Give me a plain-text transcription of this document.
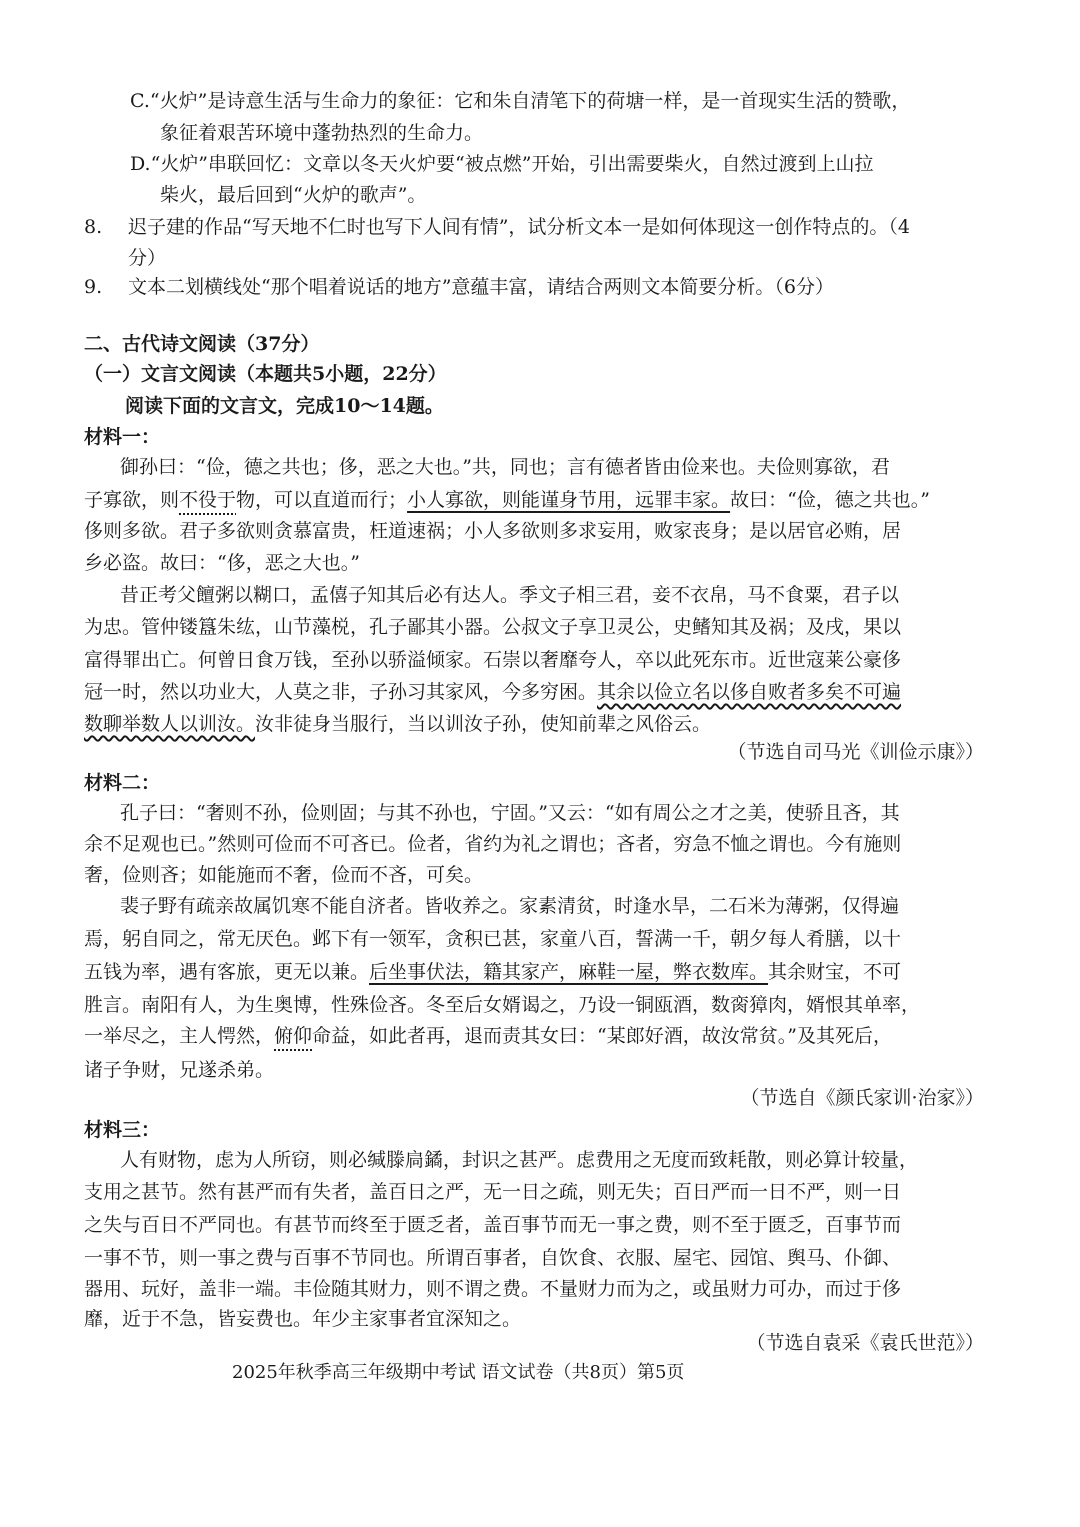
C.“火炉”是诗意生活与生命力的象征：它和朱自清笔下的荷塘一样，是一首现实生活的赞歌，
象征着艰苦环境中蓬勃热烈的生命力。
D.“火炉”串联回忆：文章以冬天火炉要“被点燃”开始，引出需要柴火，自然过渡到上山拉
柴火，最后回到“火炉的歌声”。
8. 迟子建的作品“写天地不仁时也写下人间有情”，试分析文本一是如何体现这一创作特点的。（4
分）
9. 文本二划横线处“那个唱着说话的地方”意蕴丰富，请结合两则文本简要分析。（6分）
二、古代诗文阅读（37分）
（一）文言文阅读（本题共5小题，22分）
阅读下面的文言文，完成10～14题。
材料一：
御孙曰：“俭，德之共也；侈，恶之大也。”共，同也；言有德者皆由俭来也。夫俭则寡欲，君
子寡欲，则不役于物，可以直道而行；小人寡欲，则能谨身节用，远罪丰家。故曰：“俭，德之共也。”
侈则多欲。君子多欲则贪慕富贵，枉道速祸；小人多欲则多求妄用，败家丧身；是以居官必贿，居
乡必盗。故曰：“侈，恶之大也。”
昔正考父饘粥以糊口，孟僖子知其后必有达人。季文子相三君，妾不衣帛，马不食粟，君子以
为忠。管仲镂簋朱纮，山节藻棁，孔子鄙其小器。公叔文子享卫灵公，史鳍知其及祸；及戌，果以
富得罪出亡。何曾日食万钱，至孙以骄溢倾家。石崇以奢靡夸人，卒以此死东市。近世寇莱公豪侈
冠一时，然以功业大，人莫之非，子孙习其家风，今多穷困。其余以俭立名以侈自败者多矣不可遍
数聊举数人以训汝。汝非徒身当服行，当以训汝子孙，使知前辈之风俗云。
（节选自司马光《训俭示康》）
材料二：
孔子曰：“奢则不孙，俭则固；与其不孙也，宁固。”又云：“如有周公之才之美，使骄且吝，其
余不足观也已。”然则可俭而不可吝已。俭者，省约为礼之谓也；吝者，穷急不恤之谓也。今有施则
奢，俭则吝；如能施而不奢，俭而不吝，可矣。
裴子野有疏亲故属饥寒不能自济者。皆收养之。家素清贫，时逢水旱，二石米为薄粥，仅得遍
焉，躬自同之，常无厌色。邺下有一领军，贪积已甚，家童八百，誓满一千，朝夕每人肴膳，以十
五钱为率，遇有客旅，更无以兼。后坐事伏法，籍其家产，麻鞋一屋，弊衣数库。其余财宝，不可
胜言。南阳有人，为生奥博，性殊俭吝。冬至后女婿谒之，乃设一铜瓯酒，数脔獐肉，婿恨其单率，
一举尽之，主人愕然，俯仰命益，如此者再，退而责其女曰：“某郎好酒，故汝常贫。”及其死后，
诸子争财，兄遂杀弟。
（节选自《颜氏家训·治家》）
材料三：
人有财物，虑为人所窃，则必缄滕扃鐍，封识之甚严。虑费用之无度而致耗散，则必算计较量，
支用之甚节。然有甚严而有失者，盖百日之严，无一日之疏，则无失；百日严而一日不严，则一日
之失与百日不严同也。有甚节而终至于匮乏者，盖百事节而无一事之费，则不至于匮乏，百事节而
一事不节，则一事之费与百事不节同也。所谓百事者，自饮食、衣服、屋宅、园馆、舆马、仆御、
器用、玩好，盖非一端。丰俭随其财力，则不谓之费。不量财力而为之，或虽财力可办，而过于侈
靡，近于不急，皆妄费也。年少主家事者宜深知之。
（节选自袁采《袁氏世范》）
2025年秋季高三年级期中考试 语文试卷（共8页）第5页
